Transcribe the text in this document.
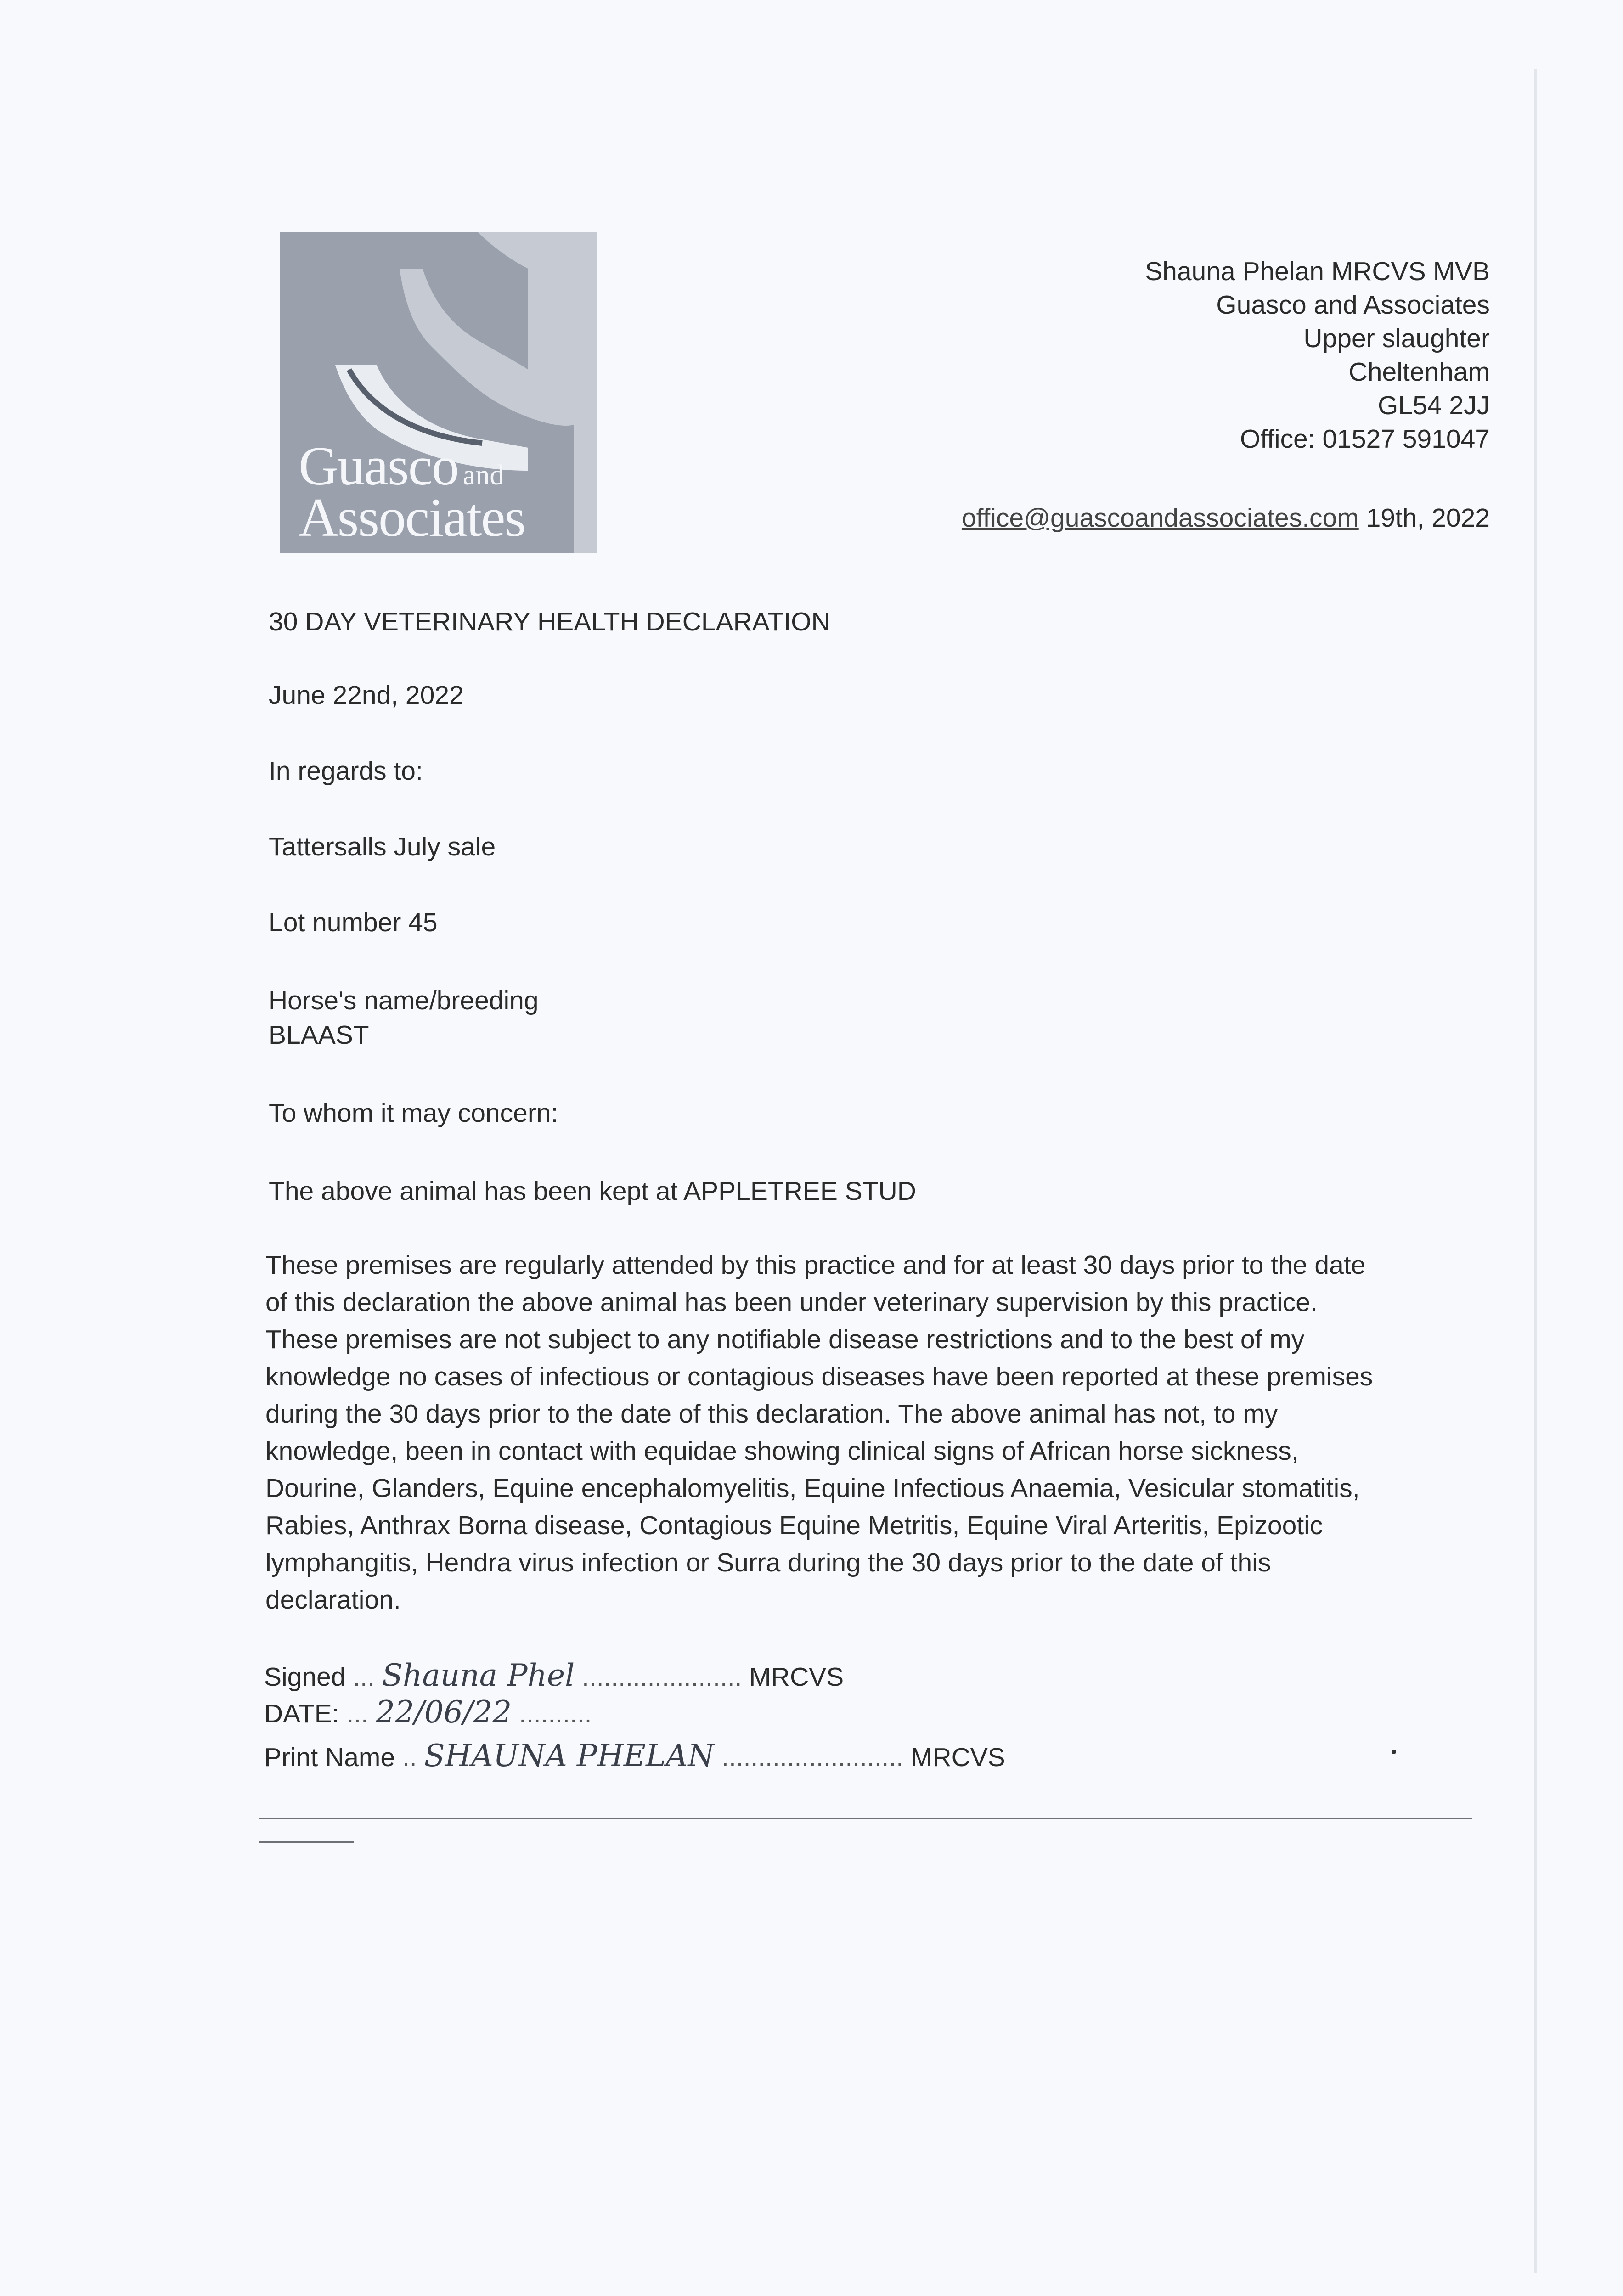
Guasco and
Associates
Shauna Phelan MRCVS MVB
Guasco and Associates
Upper slaughter
Cheltenham
GL54 2JJ
Office: 01527 591047
office@guascoandassociates.com 19th, 2022
30 DAY VETERINARY HEALTH DECLARATION
June 22nd, 2022
In regards to:
Tattersalls July sale
Lot number 45
Horse's name/breeding
BLAAST
To whom it may concern:
The above animal has been kept at APPLETREE STUD
These premises are regularly attended by this practice and for at least 30 days prior to the date
of this declaration the above animal has been under veterinary supervision by this practice.
These premises are not subject to any notifiable disease restrictions and to the best of my
knowledge no cases of infectious or contagious diseases have been reported at these premises
during the 30 days prior to the date of this declaration. The above animal has not, to my
knowledge, been in contact with equidae showing clinical signs of African horse sickness,
Dourine, Glanders, Equine encephalomyelitis, Equine Infectious Anaemia, Vesicular stomatitis,
Rabies, Anthrax Borna disease, Contagious Equine Metritis, Equine Viral Arteritis, Epizootic
lymphangitis, Hendra virus infection or Surra during the 30 days prior to the date of this
declaration.
Signed ... Shauna Phel ...................... MRCVS
DATE: ... 22/06/22 ..........
Print Name .. SHAUNA PHELAN ......................... MRCVS
